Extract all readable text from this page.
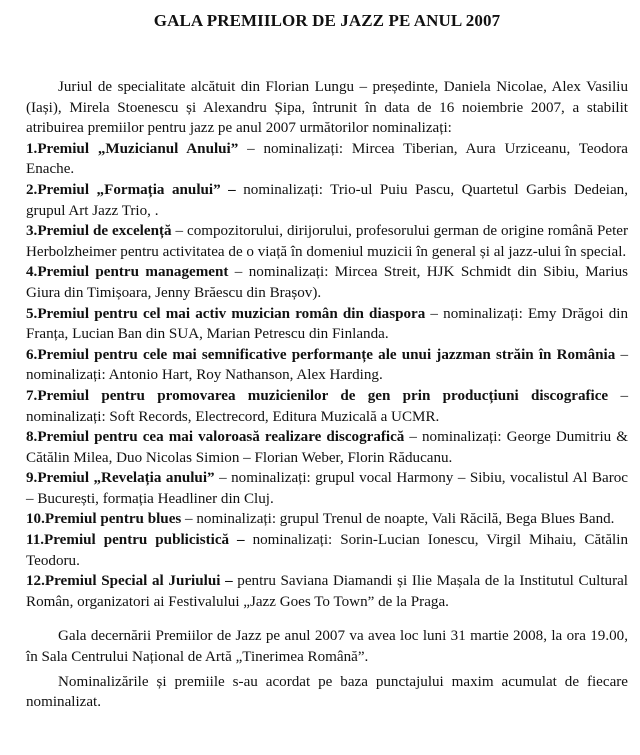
GALA PREMIILOR DE JAZZ PE ANUL 2007

Juriul de specialitate alcătuit din Florian Lungu – președinte, Daniela Nicolae, Alex Vasiliu (Iași), Mirela Stoenescu și Alexandru Șipa, întrunit în data de 16 noiembrie 2007, a stabilit atribuirea premiilor pentru jazz pe anul 2007 următorilor nominalizați:

1.Premiul „Muzicianul Anului” – nominalizați: Mircea Tiberian, Aura Urziceanu, Teodora Enache.

2.Premiul „Formația anului” – nominalizați: Trio-ul Puiu Pascu, Quartetul Garbis Dedeian, grupul Art Jazz Trio, .

3.Premiul de excelență – compozitorului, dirijorului, profesorului german de origine română Peter Herbolzheimer pentru activitatea de o viață în domeniul muzicii în general și al jazz-ului în special.

4.Premiul pentru management – nominalizați: Mircea Streit, HJK Schmidt din Sibiu, Marius Giura din Timișoara, Jenny Brăescu din Brașov).

5.Premiul pentru cel mai activ muzician român din diaspora – nominalizați: Emy Drăgoi din Franța, Lucian Ban din SUA, Marian Petrescu din Finlanda.

6.Premiul pentru cele mai semnificative performanțe ale unui jazzman străin în România – nominalizați: Antonio Hart, Roy Nathanson, Alex Harding.

7.Premiul pentru promovarea muzicienilor de gen prin producțiuni discografice – nominalizați: Soft Records, Electrecord, Editura Muzicală a UCMR.

8.Premiul pentru cea mai valoroasă realizare discografică – nominalizați: George Dumitriu & Cătălin Milea, Duo Nicolas Simion – Florian Weber, Florin Răducanu.

9.Premiul „Revelația anului” – nominalizați: grupul vocal Harmony – Sibiu, vocalistul Al Baroc – București, formația Headliner din Cluj.

10.Premiul pentru blues – nominalizați: grupul Trenul de noapte, Vali Răcilă, Bega Blues Band.

11.Premiul pentru publicistică – nominalizați: Sorin-Lucian Ionescu, Virgil Mihaiu, Cătălin Teodoru.

12.Premiul Special al Juriului – pentru Saviana Diamandi și Ilie Mașala de la Institutul Cultural Român, organizatori ai Festivalului „Jazz Goes To Town” de la Praga.

Gala decernării Premiilor de Jazz pe anul 2007 va avea loc luni 31 martie 2008, la ora 19.00, în Sala Centrului Național de Artă „Tinerimea Română”.

Nominalizările și premiile s-au acordat pe baza punctajului maxim acumulat de fiecare nominalizat.
